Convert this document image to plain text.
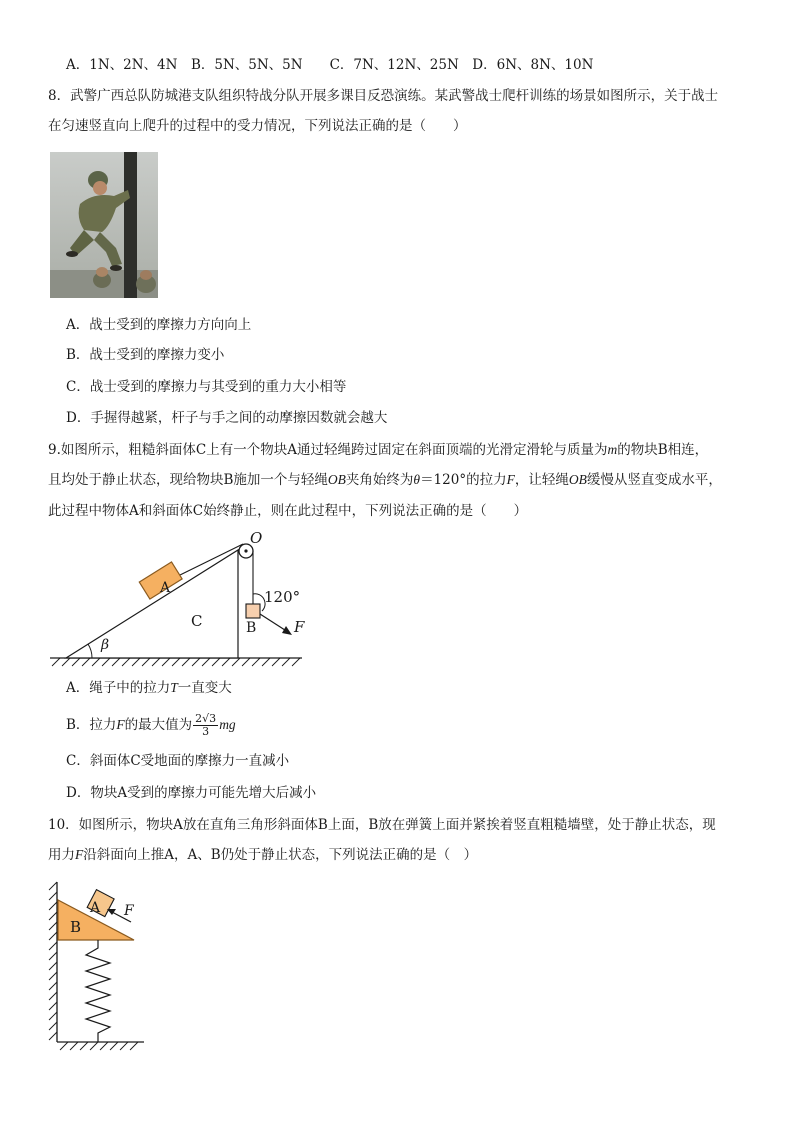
A．1N、2N、4N　B．5N、5N、5N　　C．7N、12N、25N　D．6N、8N、10N
8．武警广西总队防城港支队组织特战分队开展多课目反恐演练。某武警战士爬杆训练的场景如图所示，关于战士
在匀速竖直向上爬升的过程中的受力情况，下列说法正确的是（　　）
A．战士受到的摩擦力方向向上
B．战士受到的摩擦力变小
C．战士受到的摩擦力与其受到的重力大小相等
D．手握得越紧，杆子与手之间的动摩擦因数就会越大
9.如图所示，粗糙斜面体C上有一个物块A通过轻绳跨过固定在斜面顶端的光滑定滑轮与质量为m的物块B相连，
且均处于静止状态，现给物块B施加一个与轻绳OB夹角始终为θ＝120°的拉力F，让轻绳OB缓慢从竖直变成水平，
此过程中物体A和斜面体C始终静止，则在此过程中，下列说法正确的是（　　）
O
A
C	B	F
β
120°
A．绳子中的拉力T一直变大
B．拉力F的最大值为 $\frac{2√3}{3}$ mg
C．斜面体C受地面的摩擦力一直减小
D．物块A受到的摩擦力可能先增大后减小
10．如图所示，物块A放在直角三角形斜面体B上面，B放在弹簧上面并紧挨着竖直粗糙墙壁，处于静止状态，现
用力F沿斜面向上推A，A、B仍处于静止状态，下列说法正确的是（　）
A
B
F
